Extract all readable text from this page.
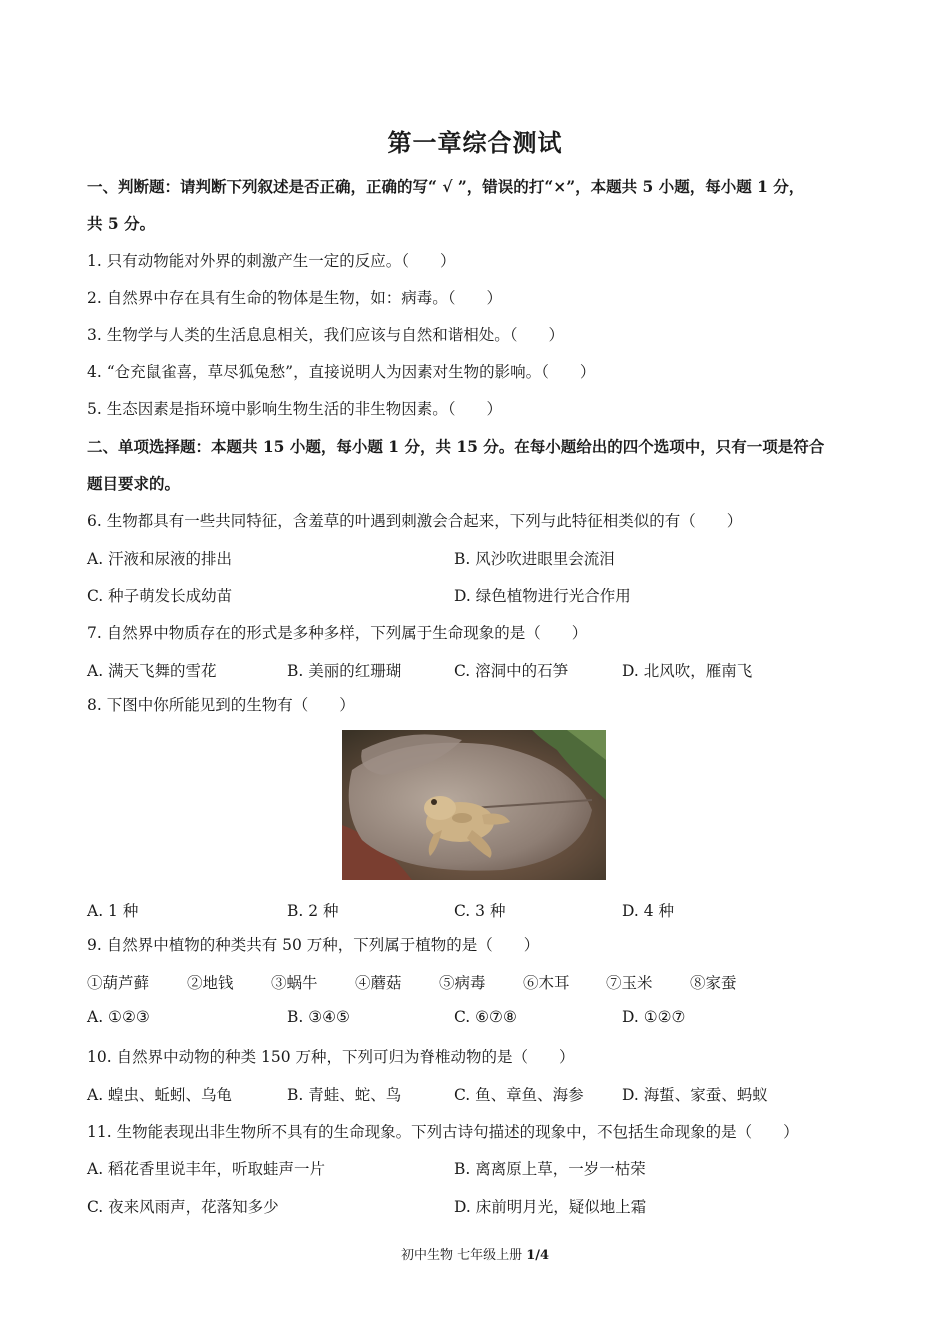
第一章综合测试
一、判断题：请判断下列叙述是否正确，正确的写“ √ ”，错误的打“×”，本题共 5 小题，每小题 1 分，
共 5 分。
1. 只有动物能对外界的刺激产生一定的反应。（　　）
2. 自然界中存在具有生命的物体是生物，如：病毒。（　　）
3. 生物学与人类的生活息息相关，我们应该与自然和谐相处。（　　）
4. “仓充鼠雀喜，草尽狐兔愁”，直接说明人为因素对生物的影响。（　　）
5. 生态因素是指环境中影响生物生活的非生物因素。（　　）
二、单项选择题：本题共 15 小题，每小题 1 分，共 15 分。在每小题给出的四个选项中，只有一项是符合
题目要求的。
6. 生物都具有一些共同特征，含羞草的叶遇到刺激会合起来，下列与此特征相类似的有（　　）
A. 汗液和尿液的排出	B. 风沙吹进眼里会流泪
C. 种子萌发长成幼苗	D. 绿色植物进行光合作用
7. 自然界中物质存在的形式是多种多样，下列属于生命现象的是（　　）
A. 满天飞舞的雪花	B. 美丽的红珊瑚	C. 溶洞中的石笋	D. 北风吹，雁南飞
8. 下图中你所能见到的生物有（　　）
A. 1 种	B. 2 种	C. 3 种	D. 4 种
9. 自然界中植物的种类共有 50 万种，下列属于植物的是（　　）
①葫芦藓 ②地钱 ③蜗牛 ④蘑菇 ⑤病毒 ⑥木耳 ⑦玉米 ⑧家蚕
A. ①②③	B. ③④⑤	C. ⑥⑦⑧	D. ①②⑦
10. 自然界中动物的种类 150 万种，下列可归为脊椎动物的是（　　）
A. 蝗虫、蚯蚓、乌龟	B. 青蛙、蛇、鸟	C. 鱼、章鱼、海参 D. 海蜇、家蚕、蚂蚁
11. 生物能表现出非生物所不具有的生命现象。下列古诗句描述的现象中，不包括生命现象的是（　　）
A. 稻花香里说丰年，听取蛙声一片	B. 离离原上草，一岁一枯荣
C. 夜来风雨声，花落知多少	D. 床前明月光，疑似地上霜
初中生物 七年级上册 1/4
